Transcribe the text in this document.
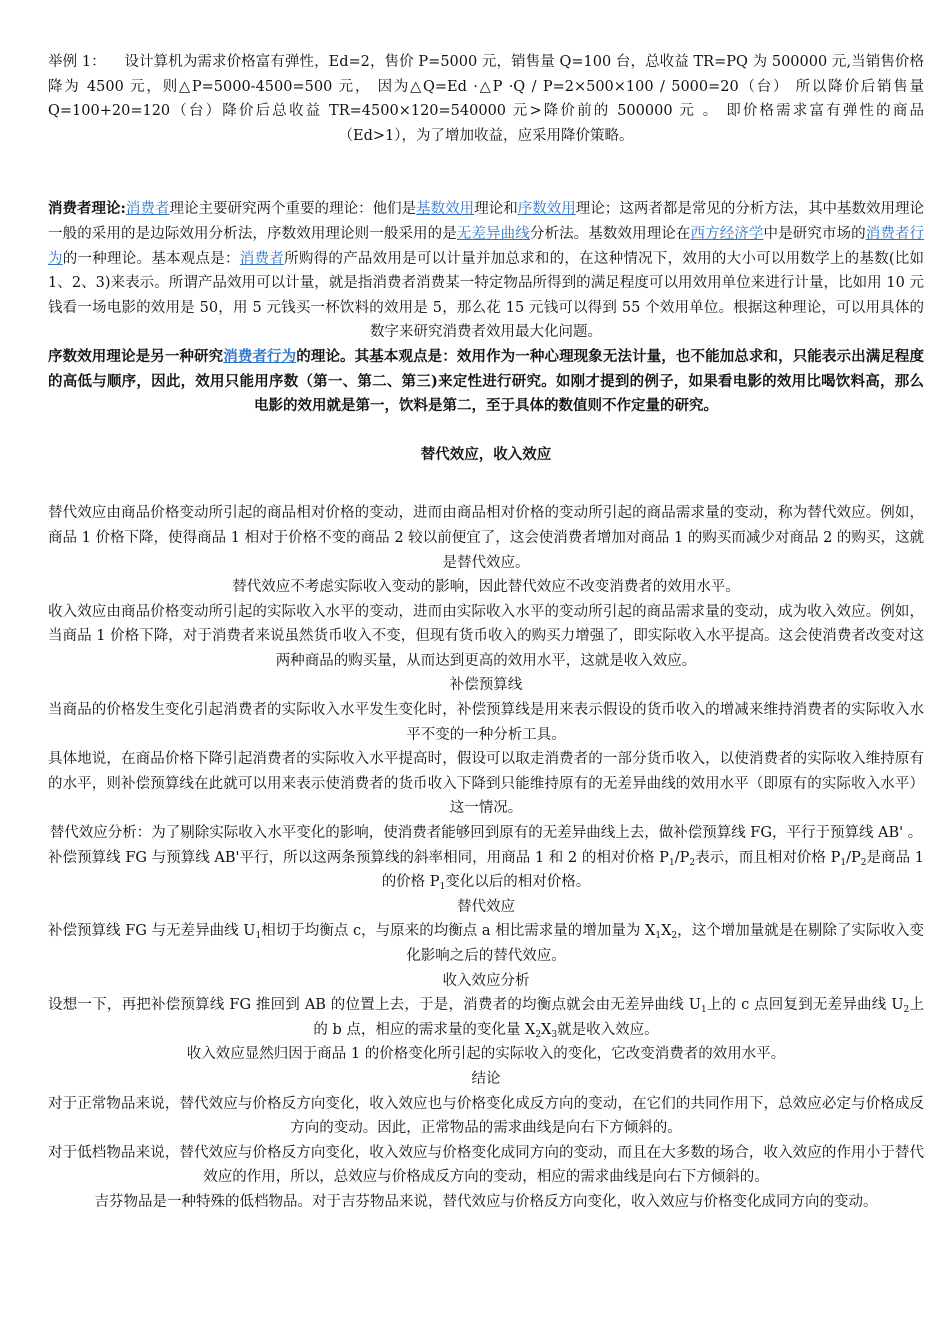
举例 1： 设计算机为需求价格富有弹性，Ed=2，售价 P=5000 元，销售量 Q=100 台，总收益 TR=PQ 为 500000 元,当销售价格降为 4500 元，则△P=5000-4500=500 元， 因为△Q=Ed ·△P ·Q / P=2×500×100 / 5000=20（台） 所以降价后销售量 Q=100+20=120（台）降价后总收益 TR=4500×120=540000 元>降价前的 500000 元 。 即价格需求富有弹性的商品（Ed>1），为了增加收益，应采用降价策略。

消费者理论:消费者理论主要研究两个重要的理论：他们是基数效用理论和序数效用理论；这两者都是常见的分析方法，其中基数效用理论一般的采用的是边际效用分析法，序数效用理论则一般采用的是无差异曲线分析法。基数效用理论在西方经济学中是研究市场的消费者行为的一种理论。基本观点是：消费者所购得的产品效用是可以计量并加总求和的，在这种情况下，效用的大小可以用数学上的基数(比如 1、2、3)来表示。所谓产品效用可以计量，就是指消费者消费某一特定物品所得到的满足程度可以用效用单位来进行计量，比如用 10 元钱看一场电影的效用是 50，用 5 元钱买一杯饮料的效用是 5，那么花 15 元钱可以得到 55 个效用单位。根据这种理论，可以用具体的数字来研究消费者效用最大化问题。

序数效用理论是另一种研究消费者行为的理论。其基本观点是：效用作为一种心理现象无法计量，也不能加总求和，只能表示出满足程度的高低与顺序，因此，效用只能用序数（第一、第二、第三)来定性进行研究。如刚才提到的例子，如果看电影的效用比喝饮料高，那么电影的效用就是第一，饮料是第二，至于具体的数值则不作定量的研究。

替代效应，收入效应

替代效应由商品价格变动所引起的商品相对价格的变动，进而由商品相对价格的变动所引起的商品需求量的变动，称为替代效应。例如，商品 1 价格下降，使得商品 1 相对于价格不变的商品 2 较以前便宜了，这会使消费者增加对商品 1 的购买而减少对商品 2 的购买，这就是替代效应。

替代效应不考虑实际收入变动的影响，因此替代效应不改变消费者的效用水平。

收入效应由商品价格变动所引起的实际收入水平的变动，进而由实际收入水平的变动所引起的商品需求量的变动，成为收入效应。例如，当商品 1 价格下降，对于消费者来说虽然货币收入不变，但现有货币收入的购买力增强了，即实际收入水平提高。这会使消费者改变对这两种商品的购买量，从而达到更高的效用水平，这就是收入效应。

补偿预算线

当商品的价格发生变化引起消费者的实际收入水平发生变化时，补偿预算线是用来表示假设的货币收入的增减来维持消费者的实际收入水平不变的一种分析工具。

具体地说，在商品价格下降引起消费者的实际收入水平提高时，假设可以取走消费者的一部分货币收入，以使消费者的实际收入维持原有的水平，则补偿预算线在此就可以用来表示使消费者的货币收入下降到只能维持原有的无差异曲线的效用水平（即原有的实际收入水平）这一情况。

替代效应分析：为了剔除实际收入水平变化的影响，使消费者能够回到原有的无差异曲线上去，做补偿预算线 FG，平行于预算线 AB' 。

补偿预算线 FG 与预算线 AB'平行，所以这两条预算线的斜率相同，用商品 1 和 2 的相对价格 $P_1/P_2$表示，而且相对价格 $P_1/P_2$是商品 1 的价格 $P_1$变化以后的相对价格。

替代效应

补偿预算线 FG 与无差异曲线 $U_1$相切于均衡点 c，与原来的均衡点 a 相比需求量的增加量为 $X_1X_2$，这个增加量就是在剔除了实际收入变化影响之后的替代效应。

收入效应分析

设想一下，再把补偿预算线 FG 推回到 AB 的位置上去，于是，消费者的均衡点就会由无差异曲线 $U_1$上的 c 点回复到无差异曲线 $U_2$上的 b 点，相应的需求量的变化量 $X_2X_3$就是收入效应。

收入效应显然归因于商品 1 的价格变化所引起的实际收入的变化，它改变消费者的效用水平。

结论

对于正常物品来说，替代效应与价格反方向变化，收入效应也与价格变化成反方向的变动，在它们的共同作用下，总效应必定与价格成反方向的变动。因此，正常物品的需求曲线是向右下方倾斜的。

对于低档物品来说，替代效应与价格反方向变化，收入效应与价格变化成同方向的变动，而且在大多数的场合，收入效应的作用小于替代效应的作用，所以，总效应与价格成反方向的变动，相应的需求曲线是向右下方倾斜的。

吉芬物品是一种特殊的低档物品。对于吉芬物品来说，替代效应与价格反方向变化，收入效应与价格变化成同方向的变动。
